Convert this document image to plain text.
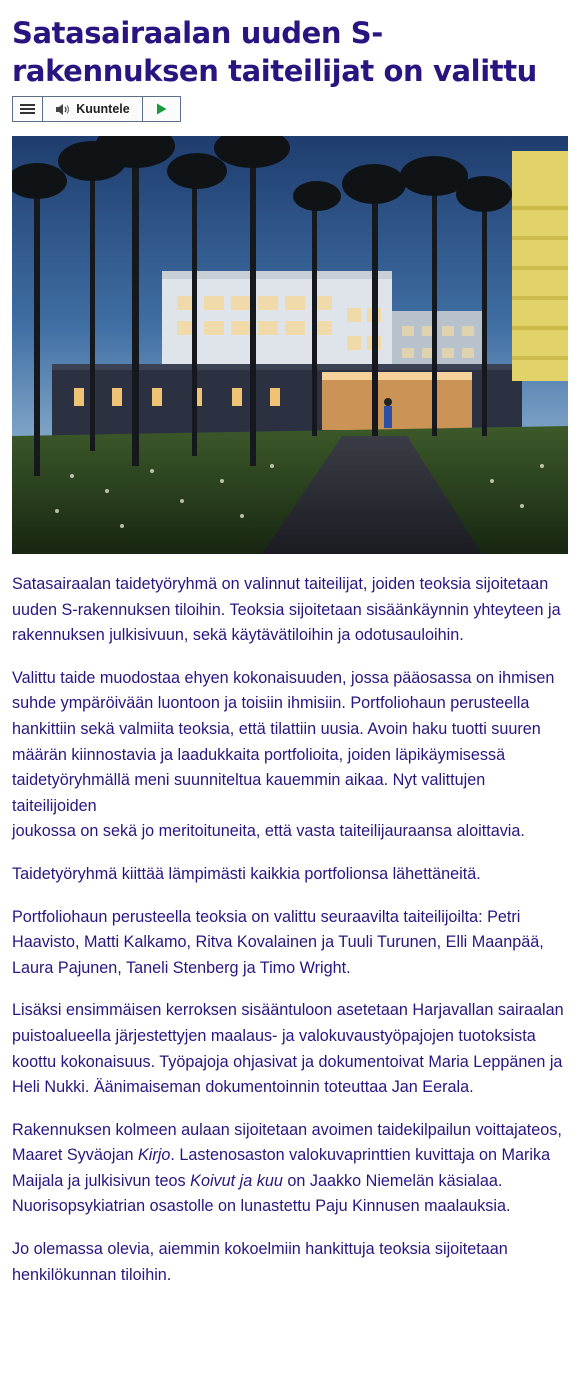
Satasairaalan uuden S-rakennuksen taiteilijat on valittu
Kuuntele

Satasairaalan taidetyöryhmä on valinnut taiteilijat, joiden teoksia sijoitetaan uuden S-rakennuksen tiloihin. Teoksia sijoitetaan sisäänkäynnin yhteyteen ja rakennuksen julkisivuun, sekä käytävätiloihin ja odotusauloihin.

Valittu taide muodostaa ehyen kokonaisuuden, jossa pääosassa on ihmisen suhde ympäröivään luontoon ja toisiin ihmisiin. Portfoliohaun perusteella hankittiin sekä valmiita teoksia, että tilattiin uusia. Avoin haku tuotti suuren määrän kiinnostavia ja laadukkaita portfolioita, joiden läpikäymisessä taidetyöryhmällä meni suunniteltua kauemmin aikaa. Nyt valittujen taiteilijoiden
joukossa on sekä jo meritoituneita, että vasta taiteilijauraansa aloittavia.

Taidetyöryhmä kiittää lämpimästi kaikkia portfolionsa lähettäneitä.

Portfoliohaun perusteella teoksia on valittu seuraavilta taiteilijoilta: Petri Haavisto, Matti Kalkamo, Ritva Kovalainen ja Tuuli Turunen, Elli Maanpää, Laura Pajunen, Taneli Stenberg ja Timo Wright.

Lisäksi ensimmäisen kerroksen sisääntuloon asetetaan Harjavallan sairaalan puistoalueella järjestettyjen maalaus- ja valokuvaustyöpajojen tuotoksista koottu kokonaisuus. Työpajoja ohjasivat ja dokumentoivat Maria Leppänen ja Heli Nukki. Äänimaiseman dokumentoinnin toteuttaa Jan Eerala.

Rakennuksen kolmeen aulaan sijoitetaan avoimen taidekilpailun voittajateos, Maaret Syväojan Kirjo. Lastenosaston valokuvaprinttien kuvittaja on Marika Maijala ja julkisivun teos Koivut ja kuu on Jaakko Niemelän käsialaa. Nuorisopsykiatrian osastolle on lunastettu Paju Kinnusen maalauksia.

Jo olemassa olevia, aiemmin kokoelmiin hankittuja teoksia sijoitetaan henkilökunnan tiloihin.
